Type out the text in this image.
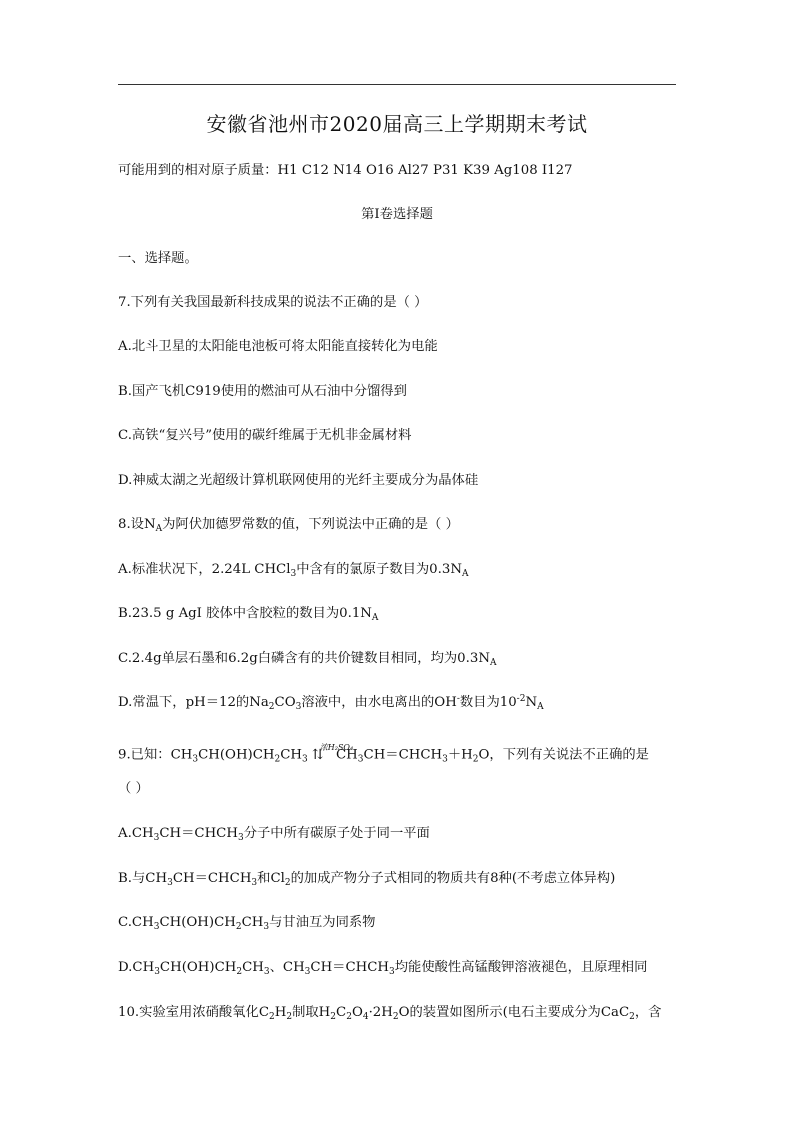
安徽省池州市2020届高三上学期期末考试
可能用到的相对原子质量：H1 C12 N14 O16 Al27 P31 K39 Ag108 I127
第I卷选择题
一、选择题。
7.下列有关我国最新科技成果的说法不正确的是（ ）
A.北斗卫星的太阳能电池板可将太阳能直接转化为电能
B.国产飞机C919使用的燃油可从石油中分馏得到
C.高铁“复兴号”使用的碳纤维属于无机非金属材料
D.神威太湖之光超级计算机联网使用的光纤主要成分为晶体硅
8.设$N_A$为阿伏加德罗常数的值，下列说法中正确的是（ ）
A.标准状况下，2.24L CHCl$_3$中含有的氯原子数目为$0.3N_A$
B.23.5 g AgI 胶体中含胶粒的数目为$0.1N_A$
C.2.4g单层石墨和6.2g白磷含有的共价键数目相同，均为$0.3N_A$
D.常温下，pH＝12的$Na_2CO_3$溶液中，由水电离出的OH-数目为$10^{-2}N_A$
9.已知：$CH_3CH(OH)CH_2CH_3$ ⇅
浓H₂SO₄
$CH_3CH=CHCH_3+H_2O$，下列有关说法不正确的是
（ ）
$A.CH_3CH=CHCH_3$分子中所有碳原子处于同一平面
B.与$CH_3CH=CHCH_3$和$Cl_2$的加成产物分子式相同的物质共有8种(不考虑立体异构)
$C.CH_3CH(OH)CH_2CH_3$与甘油互为同系物
$D.CH_3CH(OH)CH_2CH_3$、$CH_3CH=CHCH_3$均能使酸性高锰酸钾溶液褪色，且原理相同
10.实验室用浓硝酸氧化$C_2H_2$制取$H_2C_2O_4\cdot 2H_2O$的装置如图所示(电石主要成分为CaC$_2$，含
